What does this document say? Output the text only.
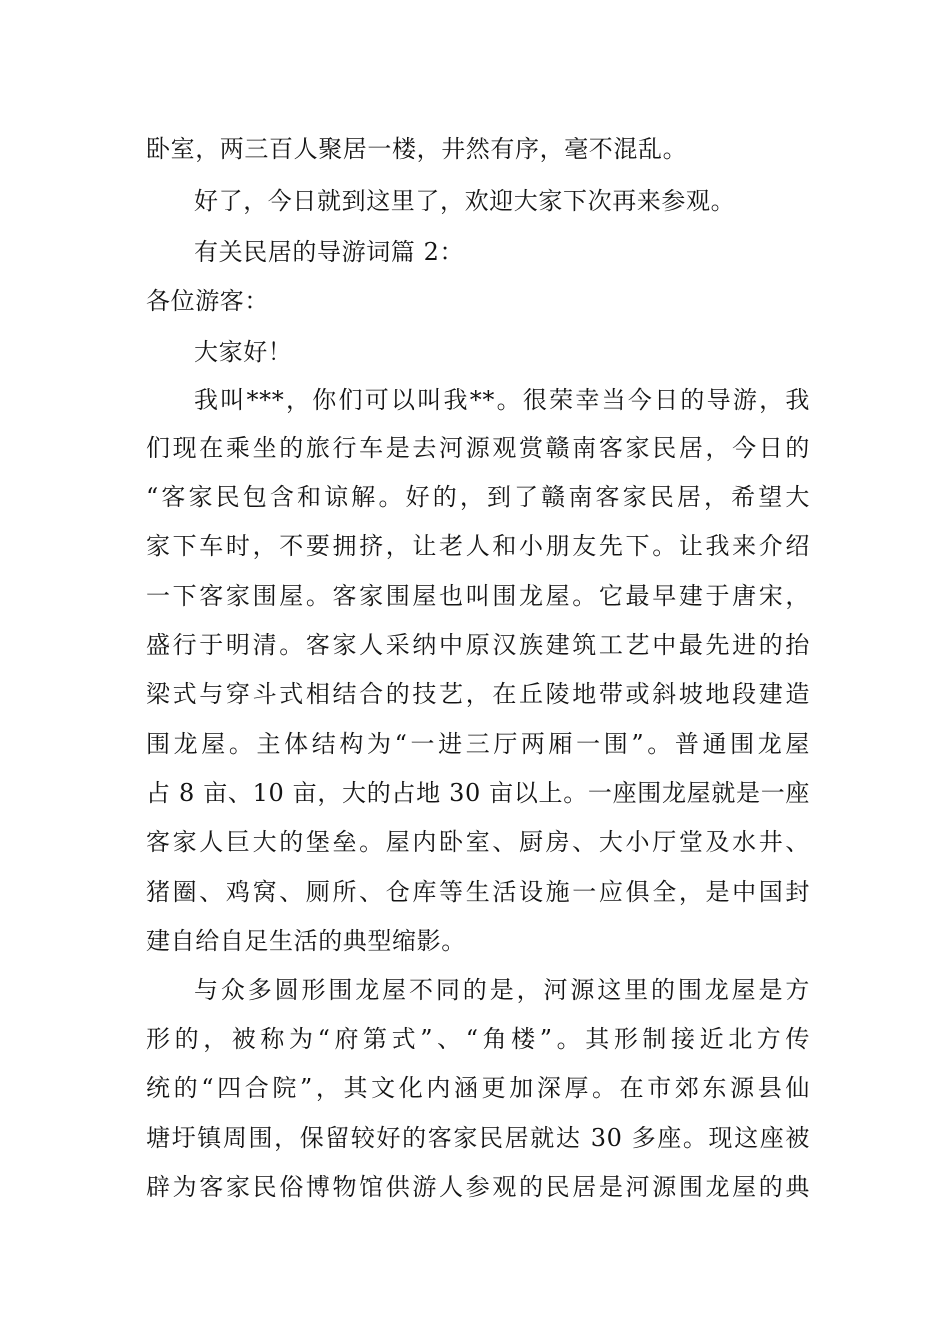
卧室，两三百人聚居一楼，井然有序，毫不混乱。

好了，今日就到这里了，欢迎大家下次再来参观。

有关民居的导游词篇 2：

各位游客：

大家好！

我叫***，你们可以叫我**。很荣幸当今日的导游，我

们现在乘坐的旅行车是去河源观赏赣南客家民居，今日的

“客家民包含和谅解。好的，到了赣南客家民居，希望大

家下车时，不要拥挤，让老人和小朋友先下。让我来介绍

一下客家围屋。客家围屋也叫围龙屋。它最早建于唐宋，

盛行于明清。客家人采纳中原汉族建筑工艺中最先进的抬

梁式与穿斗式相结合的技艺，在丘陵地带或斜坡地段建造

围龙屋。主体结构为“一进三厅两厢一围”。普通围龙屋

占 8 亩、10 亩，大的占地 30 亩以上。一座围龙屋就是一座

客家人巨大的堡垒。屋内卧室、厨房、大小厅堂及水井、

猪圈、鸡窝、厕所、仓库等生活设施一应俱全，是中国封

建自给自足生活的典型缩影。

与众多圆形围龙屋不同的是，河源这里的围龙屋是方

形的，被称为“府第式”、“角楼”。其形制接近北方传

统的“四合院”，其文化内涵更加深厚。在市郊东源县仙

塘圩镇周围，保留较好的客家民居就达 30 多座。现这座被

辟为客家民俗博物馆供游人参观的民居是河源围龙屋的典
